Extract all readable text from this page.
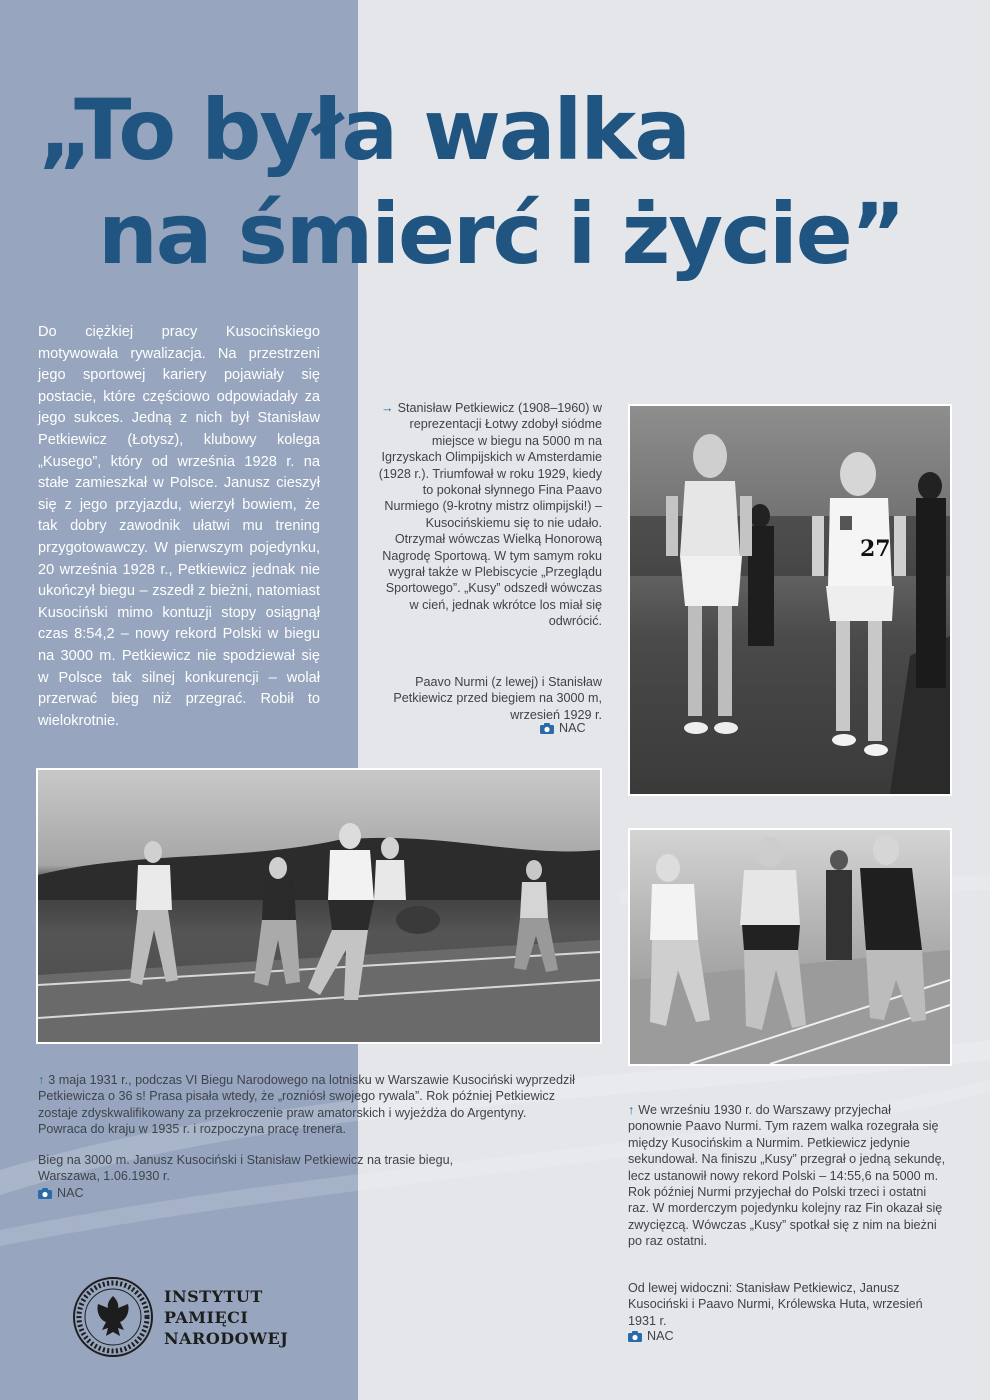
„To była walka
na śmierć i życie”

Do ciężkiej pracy Kusocińskiego motywowała rywalizacja. Na przestrzeni jego sportowej kariery pojawiały się postacie, które częściowo odpowiadały za jego sukces. Jedną z nich był Stanisław Petkiewicz (Łotysz), klubowy kolega „Kusego”, który od września 1928 r. na stałe zamieszkał w Polsce. Janusz cieszył się z jego przyjazdu, wierzył bowiem, że tak dobry zawodnik ułatwi mu trening przygotowawczy. W pierwszym pojedynku, 20 września 1928 r., Petkiewicz jednak nie ukończył biegu – zszedł z bieżni, natomiast Kusociński mimo kontuzji stopy osiągnął czas 8:54,2 – nowy rekord Polski w biegu na 3000 m. Petkiewicz nie spodziewał się w Polsce tak silnej konkurencji – wolał przerwać bieg niż przegrać. Robił to wielokrotnie.

→ Stanisław Petkiewicz (1908–1960) w reprezentacji Łotwy zdobył siódme miejsce w biegu na 5000 m na Igrzyskach Olimpijskich w Amsterdamie (1928 r.). Triumfował w roku 1929, kiedy to pokonał słynnego Fina Paavo Nurmiego (9-krotny mistrz olimpijski!) – Kusocińskiemu się to nie udało. Otrzymał wówczas Wielką Honorową Nagrodę Sportową. W tym samym roku wygrał także w Plebiscycie „Przeglądu Sportowego”. „Kusy” odszedł wówczas w cień, jednak wkrótce los miał się odwrócić.

Paavo Nurmi (z lewej) i Stanisław Petkiewicz przed biegiem na 3000 m, wrzesień 1929 r.

NAC
27

↑ 3 maja 1931 r., podczas VI Biegu Narodowego na lotnisku w Warszawie Kusociński wyprzedził Petkiewicza o 36 s! Prasa pisała wtedy, że „rozniósł swojego rywala”. Rok później Petkiewicz zostaje zdyskwalifikowany za przekroczenie praw amatorskich i wyjeżdża do Argentyny. Powraca do kraju w 1935 r. i rozpoczyna pracę trenera.

Bieg na 3000 m. Janusz Kusociński i Stanisław Petkiewicz na trasie biegu, Warszawa, 1.06.1930 r.

NAC

↑ We wrześniu 1930 r. do Warszawy przyjechał ponownie Paavo Nurmi. Tym razem walka rozegrała się między Kusocińskim a Nurmim. Petkiewicz jedynie sekundował. Na finiszu „Kusy” przegrał o jedną sekundę, lecz ustanowił nowy rekord Polski – 14:55,6 na 5000 m. Rok później Nurmi przyjechał do Polski trzeci i ostatni raz. W morderczym pojedynku kolejny raz Fin okazał się zwycięzcą. Wówczas „Kusy” spotkał się z nim na bieżni po raz ostatni.

Od lewej widoczni: Stanisław Petkiewicz, Janusz Kusociński i Paavo Nurmi, Królewska Huta, wrzesień 1931 r.

NAC
INSTYTUT
PAMIĘCI
NARODOWEJ
